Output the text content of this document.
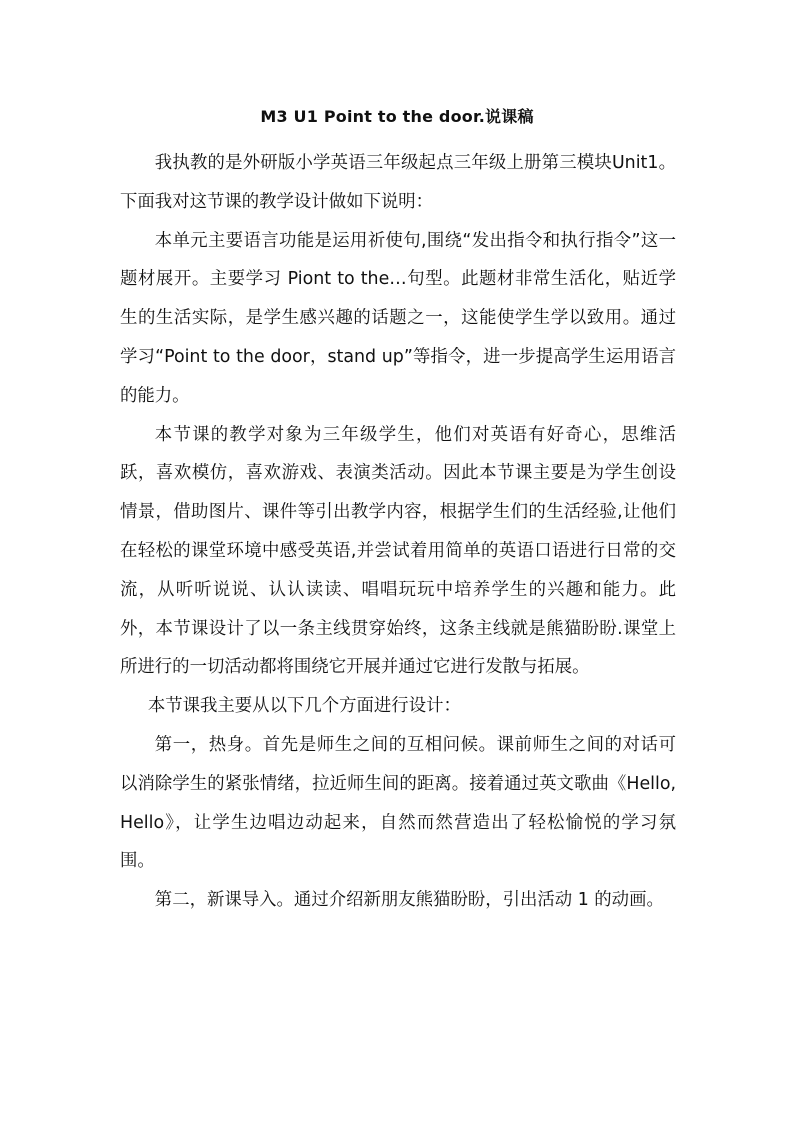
M3 U1 Point to the door.说课稿

我执教的是外研版小学英语三年级起点三年级上册第三模块Unit1。下面我对这节课的教学设计做如下说明：

本单元主要语言功能是运用祈使句,围绕“发出指令和执行指令”这一题材展开。主要学习 Piont to the…句型。此题材非常生活化，贴近学生的生活实际，是学生感兴趣的话题之一，这能使学生学以致用。通过学习“Point to the door，stand up”等指令，进一步提高学生运用语言的能力。

本节课的教学对象为三年级学生，他们对英语有好奇心，思维活跃，喜欢模仿，喜欢游戏、表演类活动。因此本节课主要是为学生创设情景，借助图片、课件等引出教学内容，根据学生们的生活经验,让他们在轻松的课堂环境中感受英语,并尝试着用简单的英语口语进行日常的交流，从听听说说、认认读读、唱唱玩玩中培养学生的兴趣和能力。此外，本节课设计了以一条主线贯穿始终，这条主线就是熊猫盼盼.课堂上所进行的一切活动都将围绕它开展并通过它进行发散与拓展。

本节课我主要从以下几个方面进行设计：

第一，热身。首先是师生之间的互相问候。课前师生之间的对话可以消除学生的紧张情绪，拉近师生间的距离。接着通过英文歌曲《Hello, Hello》，让学生边唱边动起来，自然而然营造出了轻松愉悦的学习氛围。

第二，新课导入。通过介绍新朋友熊猫盼盼，引出活动 1 的动画。
